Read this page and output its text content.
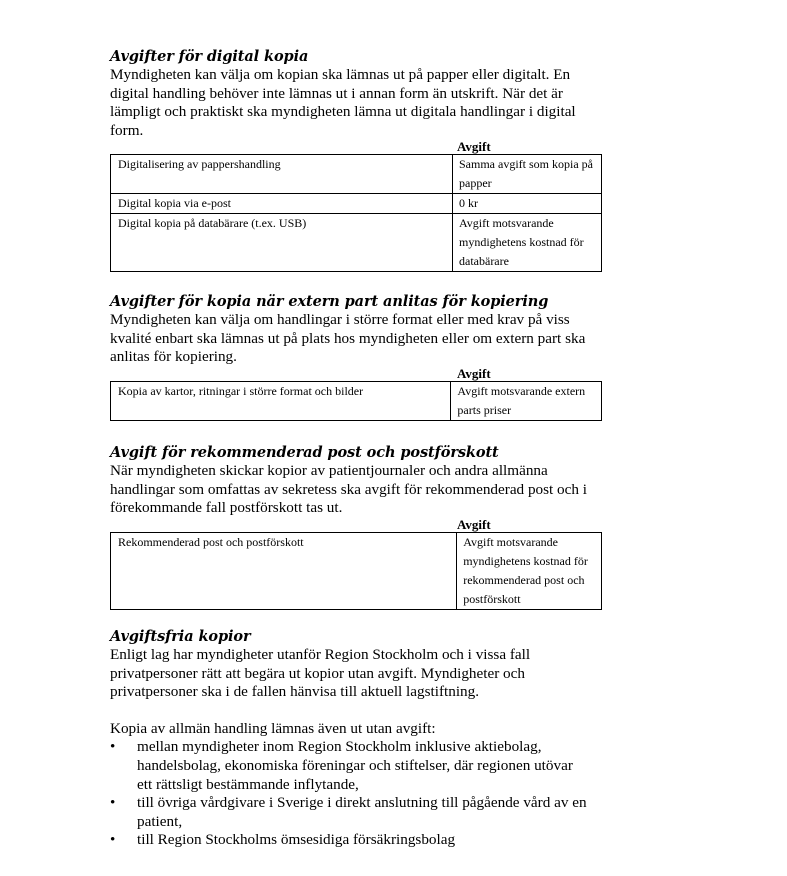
Avgifter för digital kopia

Myndigheten kan välja om kopian ska lämnas ut på papper eller digitalt. En digital handling behöver inte lämnas ut i annan form än utskrift. När det är lämpligt och praktiskt ska myndigheten lämna ut digitala handlingar i digital form.

Avgift
Digitalisering av pappershandling	Samma avgift som kopia på papper
Digital kopia via e-post	0 kr
Digital kopia på databärare (t.ex. USB)	Avgift motsvarande myndighetens kostnad för databärare
Avgifter för kopia när extern part anlitas för kopiering

Myndigheten kan välja om handlingar i större format eller med krav på viss kvalité enbart ska lämnas ut på plats hos myndigheten eller om extern part ska anlitas för kopiering.

Avgift
Kopia av kartor, ritningar i större format och bilder	Avgift motsvarande extern parts priser
Avgift för rekommenderad post och postförskott

När myndigheten skickar kopior av patientjournaler och andra allmänna handlingar som omfattas av sekretess ska avgift för rekommenderad post och i förekommande fall postförskott tas ut.

Avgift
Rekommenderad post och postförskott	Avgift motsvarande myndighetens kostnad för rekommenderad post och postförskott
Avgiftsfria kopior

Enligt lag har myndigheter utanför Region Stockholm och i vissa fall privatpersoner rätt att begära ut kopior utan avgift. Myndigheter och privatpersoner ska i de fallen hänvisa till aktuell lagstiftning.

Kopia av allmän handling lämnas även ut utan avgift:

• mellan myndigheter inom Region Stockholm inklusive aktiebolag, handelsbolag, ekonomiska föreningar och stiftelser, där regionen utövar ett rättsligt bestämmande inflytande,
• till övriga vårdgivare i Sverige i direkt anslutning till pågående vård av en patient,
• till Region Stockholms ömsesidiga försäkringsbolag
